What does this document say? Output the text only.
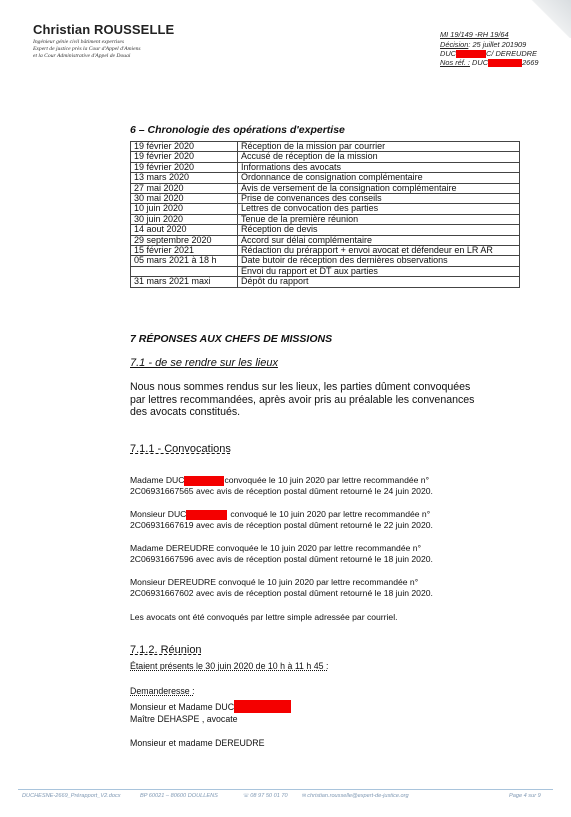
Christian ROUSSELLE
Ingénieur génie civil bâtiment expertises
Expert de justice près la Cour d'Appel d'Amiens
et la Cour Administrative d'Appel de Douai
MI 19/149 -RH 19/64
Décision: 25 juillet 201909
DUC	C/ DEREUDRE
Nos réf. : DUC	2669
6 – Chronologie des opérations d'expertise
19 février 2020	Réception de la mission par courrier
19 février 2020	Accusé de réception de la mission
19 février 2020	Informations des avocats
13 mars 2020	Ordonnance de consignation complémentaire
27 mai 2020	Avis de versement de la consignation complémentaire
30 mai 2020	Prise de convenances des conseils
10 juin 2020	Lettres de convocation des parties
30 juin 2020	Tenue de la première réunion
14 aout 2020	Réception de devis
29 septembre 2020	Accord sur délai complémentaire
15 février 2021	Rédaction du prérapport + envoi avocat et défendeur en LR AR
05 mars 2021 à 18 h	Date butoir de réception des dernières observations
	Envoi du rapport et DT aux parties
31 mars 2021 maxi	Dépôt du rapport
7 RÉPONSES AUX CHEFS DE MISSIONS
7.1 - de se rendre sur les lieux
Nous nous sommes rendus sur les lieux, les parties dûment convoquées par lettres recommandées, après avoir pris au préalable les convenances des avocats constitués.
7.1.1 - Convocations
Madame DUC	convoquée le 10 juin 2020 par lettre recommandée n°
2C06931667565 avec avis de réception postal dûment retourné le 24 juin 2020.
Monsieur DUC	convoqué le 10 juin 2020 par lettre recommandée n°
2C06931667619 avec avis de réception postal dûment retourné le 22 juin 2020.
Madame DEREUDRE convoquée le 10 juin 2020 par lettre recommandée n°
2C06931667596 avec avis de réception postal dûment retourné le 18 juin 2020.
Monsieur DEREUDRE convoqué le 10 juin 2020 par lettre recommandée n°
2C06931667602 avec avis de réception postal dûment retourné le 18 juin 2020.
Les avocats ont été convoqués par lettre simple adressée par courriel.
7.1.2. Réunion
Étaient présents le 30 juin 2020 de 10 h à 11 h 45 :
Demanderesse :
Monsieur et Madame DUC
Maître DEHASPE , avocate
Monsieur et madame DEREUDRE
DUCHESNE-2669_Prérapport_V2.docx	BP 60021 – 80600 DOULLENS	☏08 97 50 01 70	✉christian.rousselle@expert-de-justice.org	Page 4 sur 9
